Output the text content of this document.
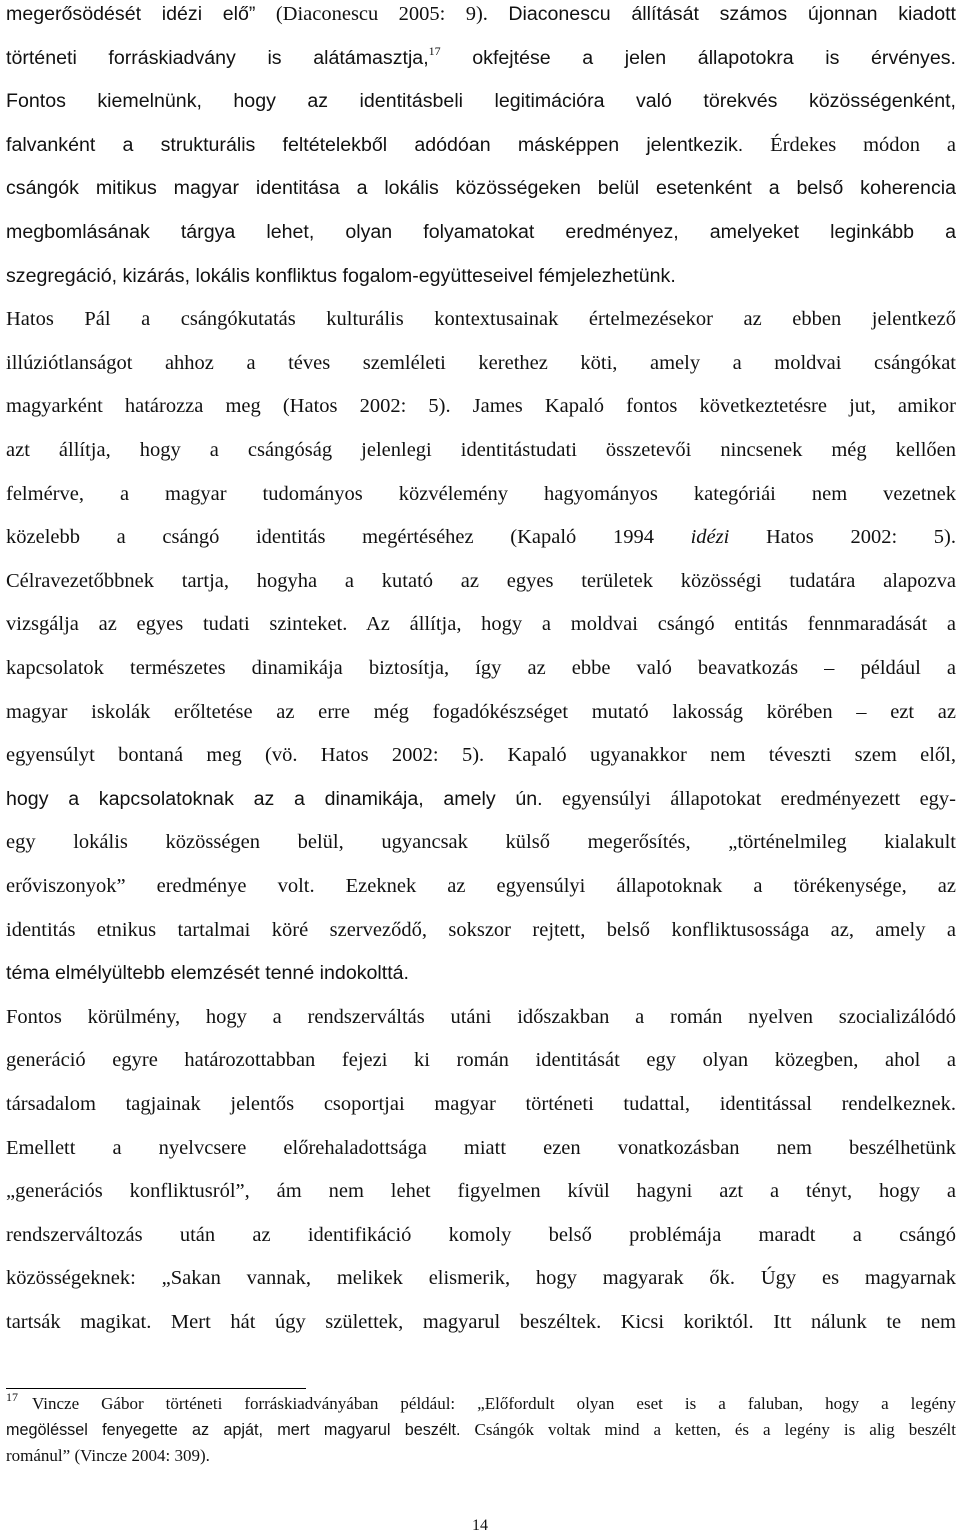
megerősödését idézi elő” (Diaconescu 2005: 9). Diaconescu állítását számos újonnan kiadott
történeti forráskiadvány is alátámasztja,$^{17}$ okfejtése a jelen állapotokra is érvényes.
Fontos kiemelnünk, hogy az identitásbeli legitimációra való törekvés közösségenként,
falvanként a strukturális feltételekből adódóan másképpen jelentkezik. Érdekes módon a
csángók mitikus magyar identitása a lokális közösségeken belül esetenként a belső koherencia
megbomlásának tárgya lehet, olyan folyamatokat eredményez, amelyeket leginkább a
szegregáció, kizárás, lokális konfliktus fogalom-együtteseivel fémjelezhetünk.
Hatos Pál a csángókutatás kulturális kontextusainak értelmezésekor az ebben jelentkező
illúziótlanságot ahhoz a téves szemléleti kerethez köti, amely a moldvai csángókat
magyarként határozza meg (Hatos 2002: 5). James Kapaló fontos következtetésre jut, amikor
azt állítja, hogy a csángóság jelenlegi identitástudati összetevői nincsenek még kellően
felmérve, a magyar tudományos közvélemény hagyományos kategóriái nem vezetnek
közelebb a csángó identitás megértéséhez (Kapaló 1994 idézi Hatos 2002: 5).
Célravezetőbbnek tartja, hogyha a kutató az egyes területek közösségi tudatára alapozva
vizsgálja az egyes tudati szinteket. Az állítja, hogy a moldvai csángó entitás fennmaradását a
kapcsolatok természetes dinamikája biztosítja, így az ebbe való beavatkozás – például a
magyar iskolák erőltetése az erre még fogadókészséget mutató lakosság körében – ezt az
egyensúlyt bontaná meg (vö. Hatos 2002: 5). Kapaló ugyanakkor nem téveszti szem elől,
hogy a kapcsolatoknak az a dinamikája, amely ún. egyensúlyi állapotokat eredményezett egy-
egy lokális közösségen belül, ugyancsak külső megerősítés, „történelmileg kialakult
erőviszonyok” eredménye volt. Ezeknek az egyensúlyi állapotoknak a törékenysége, az
identitás etnikus tartalmai köré szerveződő, sokszor rejtett, belső konfliktusossága az, amely a
téma elmélyültebb elemzését tenné indokolttá.
Fontos körülmény, hogy a rendszerváltás utáni időszakban a román nyelven szocializálódó
generáció egyre határozottabban fejezi ki román identitását egy olyan közegben, ahol a
társadalom tagjainak jelentős csoportjai magyar történeti tudattal, identitással rendelkeznek.
Emellett a nyelvcsere előrehaladottsága miatt ezen vonatkozásban nem beszélhetünk
„generációs konfliktusról”, ám nem lehet figyelmen kívül hagyni azt a tényt, hogy a
rendszerváltozás után az identifikáció komoly belső problémája maradt a csángó
közösségeknek: „Sakan vannak, melikek elismerik, hogy magyarak ők. Úgy es magyarnak
tartsák magikat. Mert hát úgy születtek, magyarul beszéltek. Kicsi koriktól. Itt nálunk te nem
$^{17}$ Vincze Gábor történeti forráskiadványában például: „Előfordult olyan eset is a faluban, hogy a legény
megöléssel fenyegette az apját, mert magyarul beszélt. Csángók voltak mind a ketten, és a legény is alig beszélt
románul” (Vincze 2004: 309).
14
